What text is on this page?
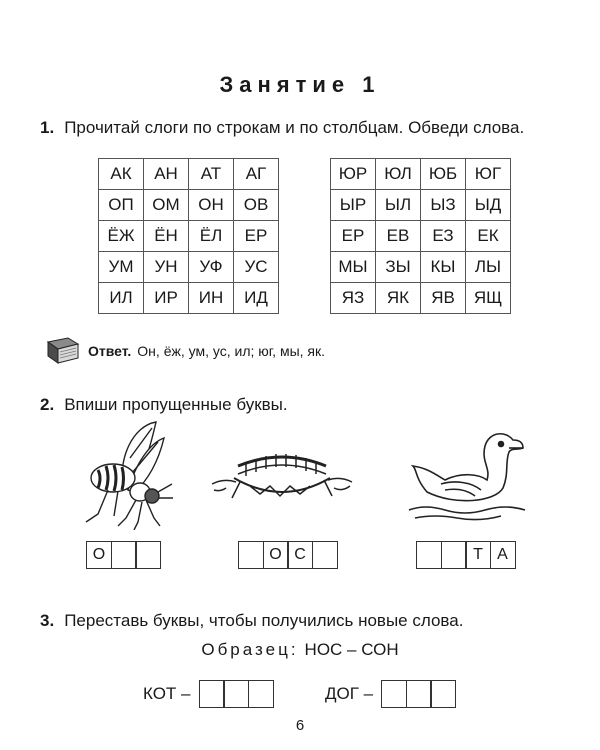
Занятие 1
1. Прочитай слоги по строкам и по столбцам. Обведи слова.
АК	АН	АТ	АГ
ОП	ОМ	ОН	ОВ
ЁЖ	ЁН	ЁЛ	ЕР
УМ	УН	УФ	УС
ИЛ	ИР	ИН	ИД
ЮР	ЮЛ	ЮБ	ЮГ
ЫР	ЫЛ	ЫЗ	ЫД
ЕР	ЕВ	ЕЗ	ЕК
МЫ	ЗЫ	КЫ	ЛЫ
ЯЗ	ЯК	ЯВ	ЯЩ
Ответ. Он, ёж, ум, ус, ил; юг, мы, як.
2. Впиши пропущенные буквы.
О	О С	Т А
3. Переставь буквы, чтобы получились новые слова.
Образец: НОС – СОН
КОТ –	ДОГ –
6
